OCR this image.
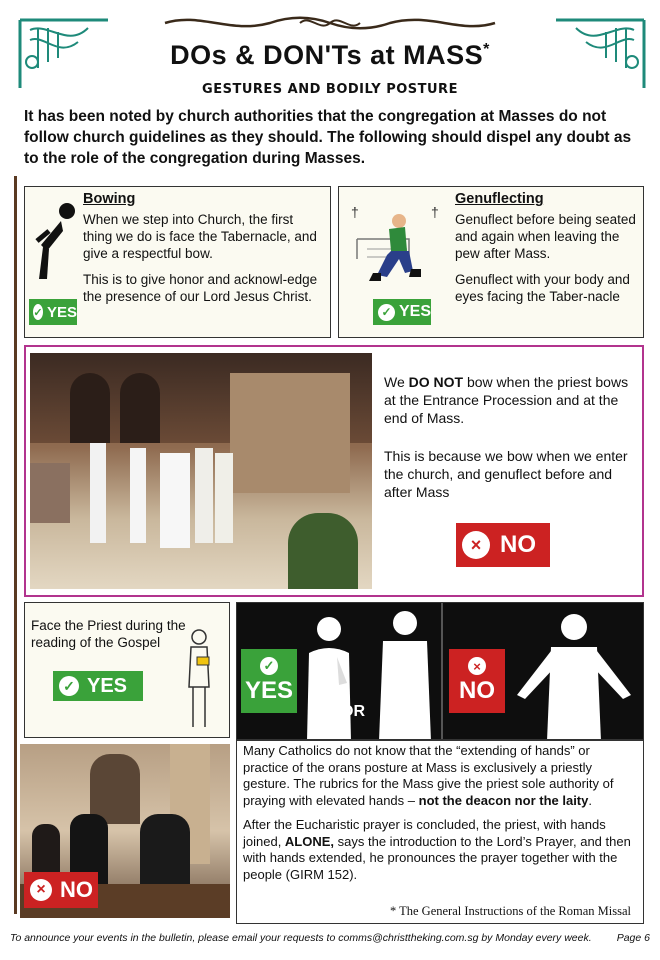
DOs & DON'Ts at MASS*
GESTURES AND BODILY POSTURE
It has been noted by church authorities that the congregation at Masses do not follow church guidelines as they should. The following should dispel any doubt as to the role of the congregation during Masses.
Bowing
When we step into Church, the first thing we do is face the Tabernacle, and give a respectful bow.
This is to give honor and acknowl-edge the presence of our Lord Jesus Christ.
✓ YES
†	†
Genuflecting
Genuflect before being seated and again when leaving the pew after Mass.
Genuflect with your body and eyes facing the Taber-nacle
✓ YES
We DO NOT bow when the priest bows at the Entrance Procession and at the end of Mass.
This is because we bow when we enter the church, and genuflect before and after Mass
× NO
Face the Priest during the reading of the Gospel
✓ YES
✓
YES
OR
×
NO
× NO

Many Catholics do not know that the “extending of hands” or practice of the orans posture at Mass is exclusively a priestly gesture. The rubrics for the Mass give the priest sole authority of praying with elevated hands – not the deacon nor the laity.

After the Eucharistic prayer is concluded, the priest, with hands joined, ALONE, says the introduction to the Lord’s Prayer, and then with hands extended, he pronounces the prayer together with the people (GIRM 152).

* The General Instructions of the Roman Missal
To announce your events in the bulletin, please email your requests to comms@christtheking.com.sg by Monday every week. Page 6
